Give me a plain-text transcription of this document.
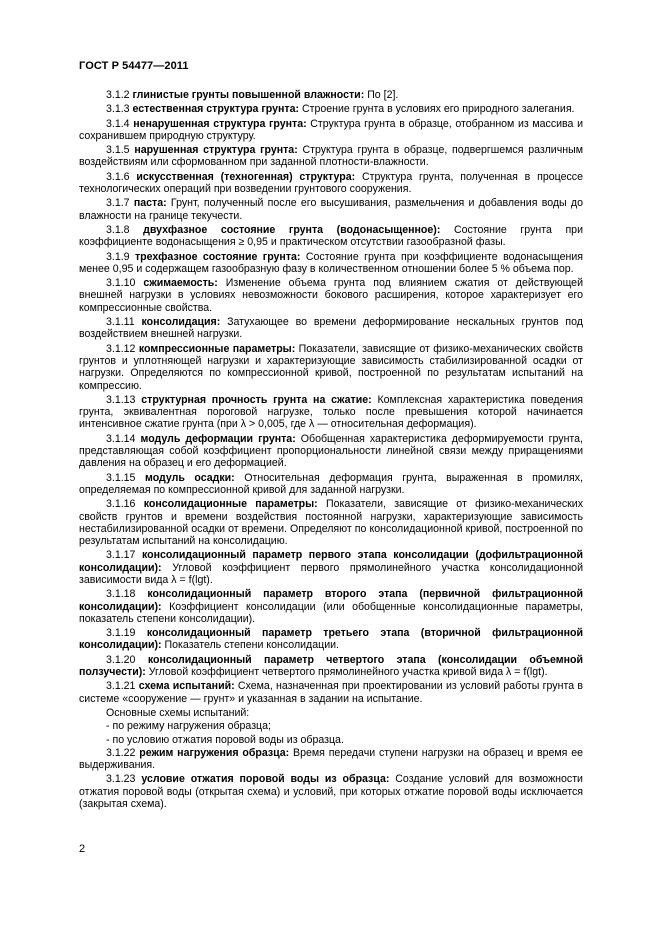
ГОСТ Р 54477—2011

3.1.2 глинистые грунты повышенной влажности: По [2].

3.1.3 естественная структура грунта: Строение грунта в условиях его природного залегания.

3.1.4 ненарушенная структура грунта: Структура грунта в образце, отобранном из массива и сохранившем природную структуру.

3.1.5 нарушенная структура грунта: Структура грунта в образце, подвергшемся различным воздействиям или сформованном при заданной плотности-влажности.

3.1.6 искусственная (техногенная) структура: Структура грунта, полученная в процессе технологических операций при возведении грунтового сооружения.

3.1.7 паста: Грунт, полученный после его высушивания, размельчения и добавления воды до влажности на границе текучести.

3.1.8 двухфазное состояние грунта (водонасыщенное): Состояние грунта при коэффициенте водонасыщения ≥ 0,95 и практическом отсутствии газообразной фазы.

3.1.9 трехфазное состояние грунта: Состояние грунта при коэффициенте водонасыщения менее 0,95 и содержащем газообразную фазу в количественном отношении более 5 % объема пор.

3.1.10 сжимаемость: Изменение объема грунта под влиянием сжатия от действующей внешней нагрузки в условиях невозможности бокового расширения, которое характеризует его компрессионные свойства.

3.1.11 консолидация: Затухающее во времени деформирование нескальных грунтов под воздействием внешней нагрузки.

3.1.12 компрессионные параметры: Показатели, зависящие от физико-механических свойств грунтов и уплотняющей нагрузки и характеризующие зависимость стабилизированной осадки от нагрузки. Определяются по компрессионной кривой, построенной по результатам испытаний на компрессию.

3.1.13 структурная прочность грунта на сжатие: Комплексная характеристика поведения грунта, эквивалентная пороговой нагрузке, только после превышения которой начинается интенсивное сжатие грунта (при λ > 0,005, где λ — относительная деформация).

3.1.14 модуль деформации грунта: Обобщенная характеристика деформируемости грунта, представляющая собой коэффициент пропорциональности линейной связи между приращениями давления на образец и его деформацией.

3.1.15 модуль осадки: Относительная деформация грунта, выраженная в промилях, определяемая по компрессионной кривой для заданной нагрузки.

3.1.16 консолидационные параметры: Показатели, зависящие от физико-механических свойств грунтов и времени воздействия постоянной нагрузки, характеризующие зависимость нестабилизированной осадки от времени. Определяют по консолидационной кривой, построенной по результатам испытаний на консолидацию.

3.1.17 консолидационный параметр первого этапа консолидации (дофильтрационной консолидации): Угловой коэффициент первого прямолинейного участка консолидационной зависимости вида λ = f(lgt).

3.1.18 консолидационный параметр второго этапа (первичной фильтрационной консолидации): Коэффициент консолидации (или обобщенные консолидационные параметры, показатель степени консолидации).

3.1.19 консолидационный параметр третьего этапа (вторичной фильтрационной консолидации): Показатель степени консолидации.

3.1.20 консолидационный параметр четвертого этапа (консолидации объемной ползучести): Угловой коэффициент четвертого прямолинейного участка кривой вида λ = f(lgt).

3.1.21 схема испытаний: Схема, назначенная при проектировании из условий работы грунта в системе «сооружение — грунт» и указанная в задании на испытание.

Основные схемы испытаний:

- по режиму нагружения образца;

- по условию отжатия поровой воды из образца.

3.1.22 режим нагружения образца: Время передачи ступени нагрузки на образец и время ее выдерживания.

3.1.23 условие отжатия поровой воды из образца: Создание условий для возможности отжатия поровой воды (открытая схема) и условий, при которых отжатие поровой воды исключается (закрытая схема).

2
